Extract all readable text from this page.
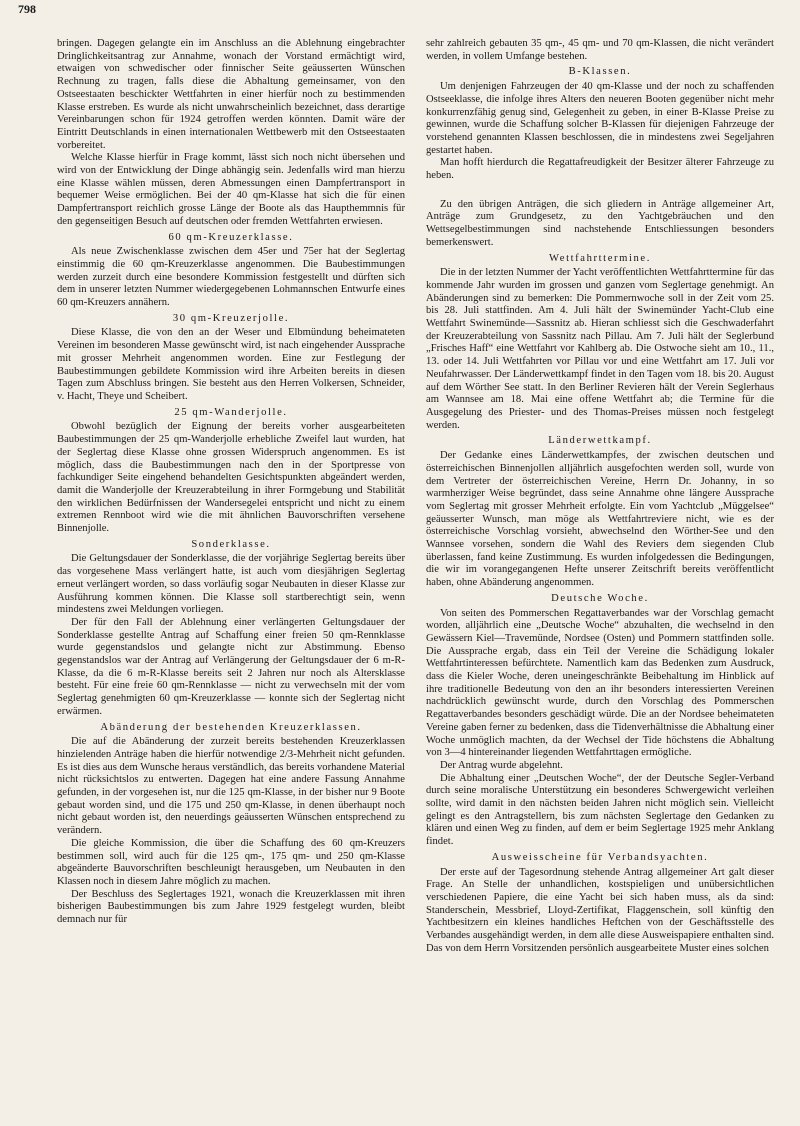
798

bringen. Dagegen gelangte ein im Anschluss an die Ablehnung eingebrachter Dringlichkeitsantrag zur Annahme, wonach der Vorstand ermächtigt wird, etwaigen von schwedischer oder finnischer Seite geäusserten Wünschen Rechnung zu tragen, falls diese die Abhaltung gemeinsamer, von den Ostseestaaten beschickter Wettfahrten in einer hierfür noch zu bestimmenden Klasse erstreben. Es wurde als nicht unwahrscheinlich bezeichnet, dass derartige Vereinbarungen schon für 1924 getroffen werden könnten. Damit wäre der Eintritt Deutschlands in einen internationalen Wettbewerb mit den Ostseestaaten vorbereitet.

Welche Klasse hierfür in Frage kommt, lässt sich noch nicht übersehen und wird von der Entwicklung der Dinge abhängig sein. Jedenfalls wird man hierzu eine Klasse wählen müssen, deren Abmessungen einen Dampfertransport in bequemer Weise ermöglichen. Bei der 40 qm-Klasse hat sich die für einen Dampfertransport reichlich grosse Länge der Boote als das Haupthemmnis für den gegenseitigen Besuch auf deutschen oder fremden Wettfahrten erwiesen.

60 qm-Kreuzerklasse.

Als neue Zwischenklasse zwischen dem 45er und 75er hat der Seglertag einstimmig die 60 qm-Kreuzerklasse angenommen. Die Baubestimmungen werden zurzeit durch eine besondere Kommission festgestellt und dürften sich dem in unserer letzten Nummer wiedergegebenen Lohmannschen Entwurfe eines 60 qm-Kreuzers annähern.

30 qm-Kreuzerjolle.

Diese Klasse, die von den an der Weser und Elbmündung beheimateten Vereinen im besonderen Masse gewünscht wird, ist nach eingehender Aussprache mit grosser Mehrheit angenommen worden. Eine zur Festlegung der Baubestimmungen gebildete Kommission wird ihre Arbeiten bereits in diesen Tagen zum Abschluss bringen. Sie besteht aus den Herren Volkersen, Schneider, v. Hacht, Theye und Scheibert.

25 qm-Wanderjolle.

Obwohl bezüglich der Eignung der bereits vorher ausgearbeiteten Baubestimmungen der 25 qm-Wanderjolle erhebliche Zweifel laut wurden, hat der Seglertag diese Klasse ohne grossen Widerspruch angenommen. Es ist möglich, dass die Baubestimmungen nach den in der Sportpresse von fachkundiger Seite eingehend behandelten Gesichtspunkten abgeändert werden, damit die Wanderjolle der Kreuzerabteilung in ihrer Formgebung und Stabilität den wirklichen Bedürfnissen der Wandersegelei entspricht und nicht zu einem extremen Rennboot wird wie die mit ähnlichen Bauvorschriften versehene Binnenjolle.

Sonderklasse.

Die Geltungsdauer der Sonderklasse, die der vorjährige Seglertag bereits über das vorgesehene Mass verlängert hatte, ist auch vom diesjährigen Seglertag erneut verlängert worden, so dass vorläufig sogar Neubauten in dieser Klasse zur Ausführung kommen können. Die Klasse soll startberechtigt sein, wenn mindestens zwei Meldungen vorliegen.

Der für den Fall der Ablehnung einer verlängerten Geltungsdauer der Sonderklasse gestellte Antrag auf Schaffung einer freien 50 qm-Rennklasse wurde gegenstandslos und gelangte nicht zur Abstimmung. Ebenso gegenstandslos war der Antrag auf Verlängerung der Geltungsdauer der 6 m-R-Klasse, da die 6 m-R-Klasse bereits seit 2 Jahren nur noch als Altersklasse besteht. Für eine freie 60 qm-Rennklasse — nicht zu verwechseln mit der vom Seglertag genehmigten 60 qm-Kreuzerklasse — konnte sich der Seglertag nicht erwärmen.

Abänderung der bestehenden Kreuzerklassen.

Die auf die Abänderung der zurzeit bereits bestehenden Kreuzerklassen hinzielenden Anträge haben die hierfür notwendige 2/3-Mehrheit nicht gefunden. Es ist dies aus dem Wunsche heraus verständlich, das bereits vorhandene Material nicht rücksichtslos zu entwerten. Dagegen hat eine andere Fassung Annahme gefunden, in der vorgesehen ist, nur die 125 qm-Klasse, in der bisher nur 9 Boote gebaut worden sind, und die 175 und 250 qm-Klasse, in denen überhaupt noch nicht gebaut worden ist, den neuerdings geäusserten Wünschen entsprechend zu verändern.

Die gleiche Kommission, die über die Schaffung des 60 qm-Kreuzers bestimmen soll, wird auch für die 125 qm-, 175 qm- und 250 qm-Klasse abgeänderte Bauvorschriften beschleunigt herausgeben, um Neubauten in den Klassen noch in diesem Jahre möglich zu machen.

Der Beschluss des Seglertages 1921, wonach die Kreuzerklassen mit ihren bisherigen Baubestimmungen bis zum Jahre 1929 festgelegt wurden, bleibt demnach nur für

sehr zahlreich gebauten 35 qm-, 45 qm- und 70 qm-Klassen, die nicht verändert werden, in vollem Umfange bestehen.

B-Klassen.

Um denjenigen Fahrzeugen der 40 qm-Klasse und der noch zu schaffenden Ostseeklasse, die infolge ihres Alters den neueren Booten gegenüber nicht mehr konkurrenzfähig genug sind, Gelegenheit zu geben, in einer B-Klasse Preise zu gewinnen, wurde die Schaffung solcher B-Klassen für diejenigen Fahrzeuge der vorstehend genannten Klassen beschlossen, die in mindestens zwei Segeljahren gestartet haben.

Man hofft hierdurch die Regattafreudigkeit der Besitzer älterer Fahrzeuge zu heben.

Zu den übrigen Anträgen, die sich gliedern in Anträge allgemeiner Art, Anträge zum Grundgesetz, zu den Yachtgebräuchen und den Wettsegelbestimmungen sind nachstehende Entschliessungen besonders bemerkenswert.

Wettfahrttermine.

Die in der letzten Nummer der Yacht veröffentlichten Wettfahrttermine für das kommende Jahr wurden im grossen und ganzen vom Seglertage genehmigt. An Abänderungen sind zu bemerken: Die Pommernwoche soll in der Zeit vom 25. bis 28. Juli stattfinden. Am 4. Juli hält der Swinemünder Yacht-Club eine Wettfahrt Swinemünde—Sassnitz ab. Hieran schliesst sich die Geschwaderfahrt der Kreuzerabteilung von Sassnitz nach Pillau. Am 7. Juli hält der Seglerbund „Frisches Haff“ eine Wettfahrt vor Kahlberg ab. Die Ostwoche sieht am 10., 11., 13. oder 14. Juli Wettfahrten vor Pillau vor und eine Wettfahrt am 17. Juli vor Neufahrwasser. Der Länderwettkampf findet in den Tagen vom 18. bis 20. August auf dem Wörther See statt. In den Berliner Revieren hält der Verein Seglerhaus am Wannsee am 18. Mai eine offene Wettfahrt ab; die Termine für die Ausgegelung des Priester- und des Thomas-Preises müssen noch festgelegt werden.

Länderwettkampf.

Der Gedanke eines Länderwettkampfes, der zwischen deutschen und österreichischen Binnenjollen alljährlich ausgefochten werden soll, wurde von dem Vertreter der österreichischen Vereine, Herrn Dr. Johanny, in so warmherziger Weise begründet, dass seine Annahme ohne längere Aussprache vom Seglertag mit grosser Mehrheit erfolgte. Ein vom Yachtclub „Müggelsee“ geäusserter Wunsch, man möge als Wettfahrtreviere nicht, wie es der österreichische Vorschlag vorsieht, abwechselnd den Wörther-See und den Wannsee vorsehen, sondern die Wahl des Reviers dem siegenden Club überlassen, fand keine Zustimmung. Es wurden infolgedessen die Bedingungen, die wir im vorangegangenen Hefte unserer Zeitschrift bereits veröffentlicht haben, ohne Abänderung angenommen.

Deutsche Woche.

Von seiten des Pommerschen Regattaverbandes war der Vorschlag gemacht worden, alljährlich eine „Deutsche Woche“ abzuhalten, die wechselnd in den Gewässern Kiel—Travemünde, Nordsee (Osten) und Pommern stattfinden solle. Die Aussprache ergab, dass ein Teil der Vereine die Schädigung lokaler Wettfahrtinteressen befürchtete. Namentlich kam das Bedenken zum Ausdruck, dass die Kieler Woche, deren uneingeschränkte Beibehaltung im Hinblick auf ihre traditionelle Bedeutung von den an ihr besonders interessierten Vereinen nachdrücklich gewünscht wurde, durch den Vorschlag des Pommerschen Regattaverbandes besonders geschädigt würde. Die an der Nordsee beheimateten Vereine gaben ferner zu bedenken, dass die Tidenverhältnisse die Abhaltung einer Woche unmöglich machten, da der Wechsel der Tide höchstens die Abhaltung von 3—4 hintereinander liegenden Wettfahrttagen ermögliche.

Der Antrag wurde abgelehnt.

Die Abhaltung einer „Deutschen Woche“, der der Deutsche Segler-Verband durch seine moralische Unterstützung ein besonderes Schwergewicht verleihen sollte, wird damit in den nächsten beiden Jahren nicht möglich sein. Vielleicht gelingt es den Antragstellern, bis zum nächsten Seglertage den Gedanken zu klären und einen Weg zu finden, auf dem er beim Seglertage 1925 mehr Anklang findet.

Ausweisscheine für Verbandsyachten.

Der erste auf der Tagesordnung stehende Antrag allgemeiner Art galt dieser Frage. An Stelle der unhandlichen, kostspieligen und unübersichtlichen verschiedenen Papiere, die eine Yacht bei sich haben muss, als da sind: Standerschein, Messbrief, Lloyd-Zertifikat, Flaggenschein, soll künftig den Yachtbesitzern ein kleines handliches Heftchen von der Geschäftsstelle des Verbandes ausgehändigt werden, in dem alle diese Ausweispapiere enthalten sind. Das von dem Herrn Vorsitzenden persönlich ausgearbeitete Muster eines solchen
